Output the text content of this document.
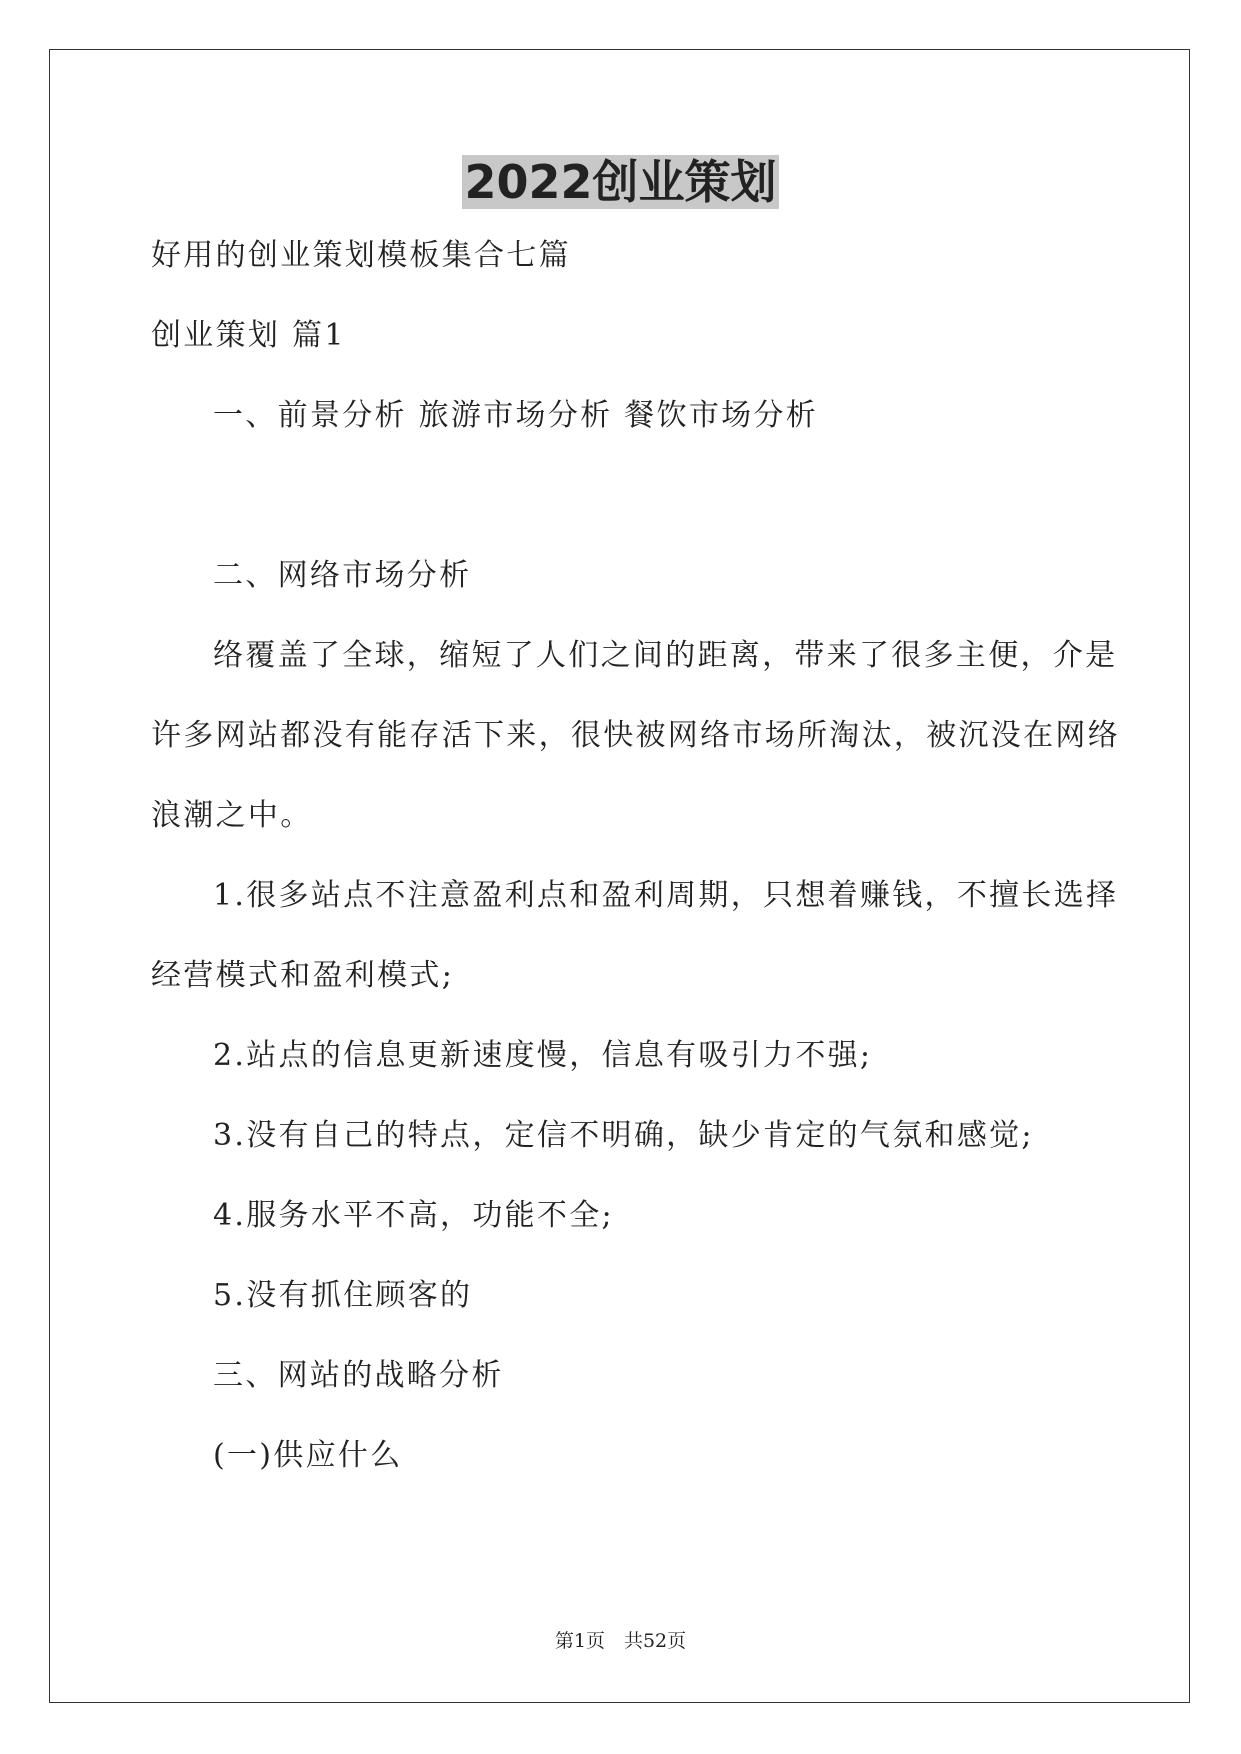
2022创业策划

好用的创业策划模板集合七篇

创业策划 篇1

一、前景分析 旅游市场分析 餐饮市场分析

二、网络市场分析

络覆盖了全球，缩短了人们之间的距离，带来了很多主便，介是

许多网站都没有能存活下来，很快被网络市场所淘汰，被沉没在网络

浪潮之中。

1.很多站点不注意盈利点和盈利周期，只想着赚钱，不擅长选择

经营模式和盈利模式;

2.站点的信息更新速度慢，信息有吸引力不强;

3.没有自己的特点，定信不明确，缺少肯定的气氛和感觉;

4.服务水平不高，功能不全;

5.没有抓住顾客的

三、网站的战略分析

(一)供应什么

第1页　共52页
